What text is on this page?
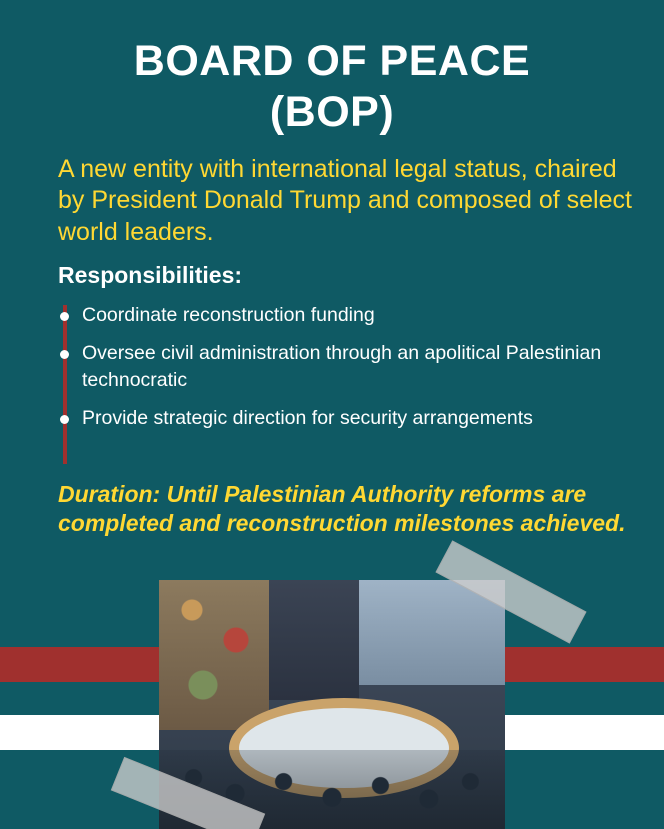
BOARD OF PEACE
(BOP)
A new entity with international legal status, chaired by President Donald Trump and composed of select world leaders.
Responsibilities:
Coordinate reconstruction funding
Oversee civil administration through an apolitical Palestinian technocratic
Provide strategic direction for security arrangements
Duration: Until Palestinian Authority reforms are completed and reconstruction milestones achieved.
